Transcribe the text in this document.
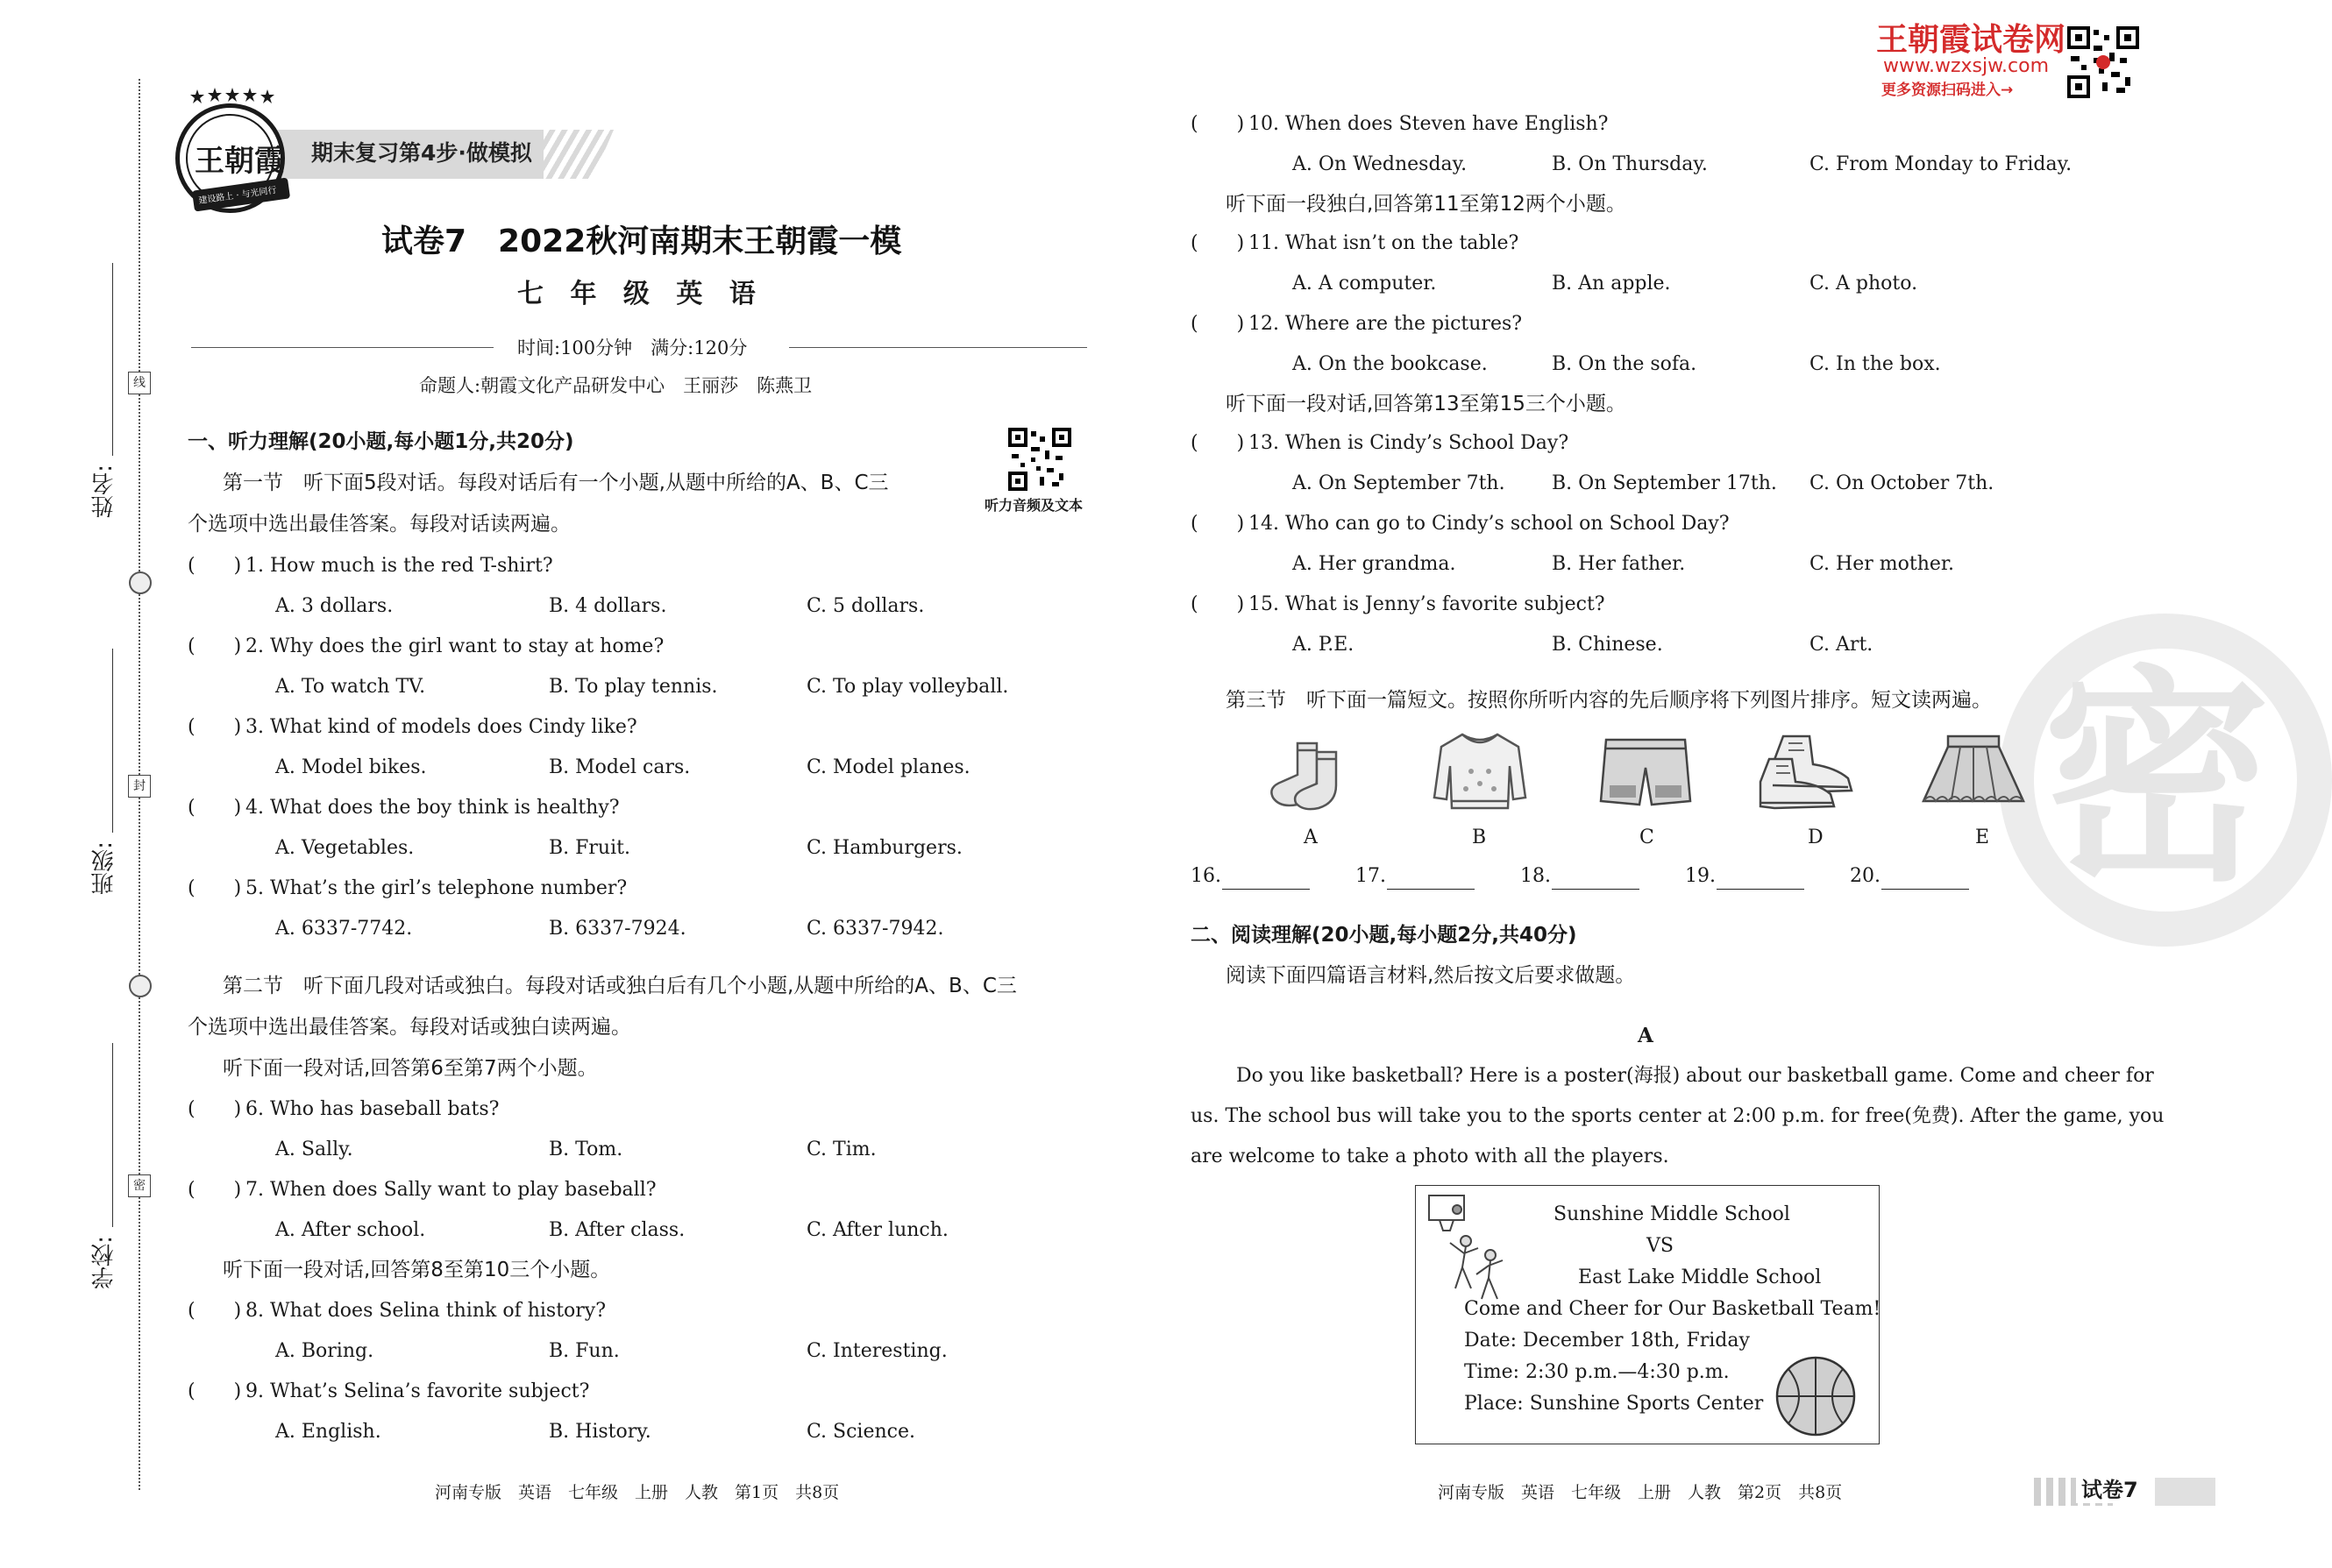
线
封
密
姓名:
班级:
学校:
期末复习第4步·做模拟
王朝霞
建设路上 · 与光同行
试卷7　2022秋河南期末王朝霞一模
七 年 级 英 语
时间:100分钟　满分:120分
命题人:朝霞文化产品研发中心　王丽莎　陈燕卫
王朝霞试卷网
www.wzxsjw.com
更多资源扫码进入→
听力音频及文本
一、听力理解(20小题,每小题1分,共20分)
第一节　听下面5段对话。每段对话后有一个小题,从题中所给的A、B、C三
个选项中选出最佳答案。每段对话读两遍。
(　　) 1. How much is the red T-shirt?
A. 3 dollars.	B. 4 dollars.	C. 5 dollars.
(　　) 2. Why does the girl want to stay at home?
A. To watch TV.	B. To play tennis.	C. To play volleyball.
(　　) 3. What kind of models does Cindy like?
A. Model bikes.	B. Model cars.	C. Model planes.
(　　) 4. What does the boy think is healthy?
A. Vegetables.	B. Fruit.	C. Hamburgers.
(　　) 5. What’s the girl’s telephone number?
A. 6337-7742.	B. 6337-7924.	C. 6337-7942.
第二节　听下面几段对话或独白。每段对话或独白后有几个小题,从题中所给的A、B、C三
个选项中选出最佳答案。每段对话或独白读两遍。
听下面一段对话,回答第6至第7两个小题。
(　　) 6. Who has baseball bats?
A. Sally.	B. Tom.	C. Tim.
(　　) 7. When does Sally want to play baseball?
A. After school.	B. After class.	C. After lunch.
听下面一段对话,回答第8至第10三个小题。
(　　) 8. What does Selina think of history?
A. Boring.	B. Fun.	C. Interesting.
(　　) 9. What’s Selina’s favorite subject?
A. English.	B. History.	C. Science.
河南专版　英语　七年级　上册　人教　第1页　共8页
(　　) 10. When does Steven have English?
A. On Wednesday.	B. On Thursday.	C. From Monday to Friday.
听下面一段独白,回答第11至第12两个小题。
(　　) 11. What isn’t on the table?
A. A computer.	B. An apple.	C. A photo.
(　　) 12. Where are the pictures?
A. On the bookcase.	B. On the sofa.	C. In the box.
听下面一段对话,回答第13至第15三个小题。
(　　) 13. When is Cindy’s School Day?
A. On September 7th. B. On September 17th. C. On October 7th.
(　　) 14. Who can go to Cindy’s school on School Day?
A. Her grandma.	B. Her father.	C. Her mother.
(　　) 15. What is Jenny’s favorite subject?
A. P.E.	B. Chinese.	C. Art.
密
第三节　听下面一篇短文。按照你所听内容的先后顺序将下列图片排序。短文读两遍。
A	B	C	D	E
16.	17.	18.	19.	20.
二、阅读理解(20小题,每小题2分,共40分)
阅读下面四篇语言材料,然后按文后要求做题。
A
Do you like basketball? Here is a poster(海报) about our basketball game. Come and cheer for
us. The school bus will take you to the sports center at 2:00 p.m. for free(免费). After the game, you
are welcome to take a photo with all the players.
Sunshine Middle School
VS
East Lake Middle School
Come and Cheer for Our Basketball Team!
Date: December 18th, Friday
Time: 2:30 p.m.—4:30 p.m.
Place: Sunshine Sports Center
河南专版　英语　七年级　上册　人教　第2页　共8页	试卷7
